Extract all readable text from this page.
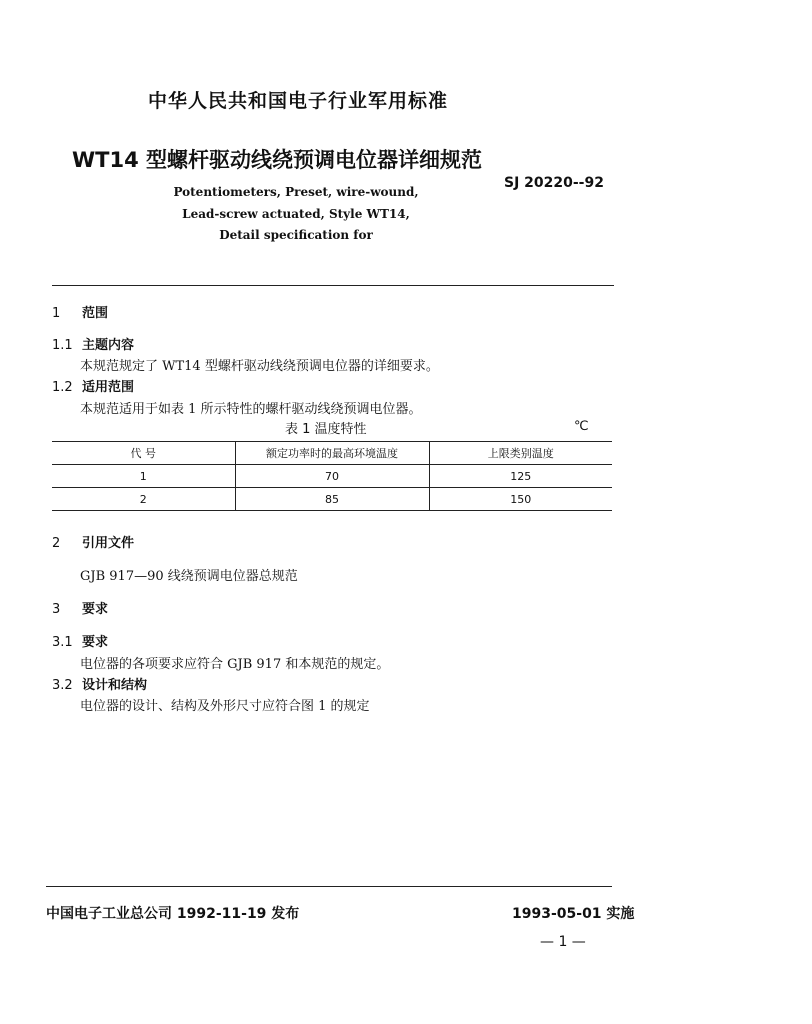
中华人民共和国电子行业军用标准
WT14 型螺杆驱动线绕预调电位器详细规范
SJ 20220--92
Potentiometers, Preset, wire-wound,
Lead-screw actuated, Style WT14,
Detail specification for
1 范围
1.1 主题内容
本规范规定了 WT14 型螺杆驱动线绕预调电位器的详细要求。
1.2 适用范围
本规范适用于如表 1 所示特性的螺杆驱动线绕预调电位器。
表 1 温度特性	℃
代 号	额定功率时的最高环境温度	上限类别温度
1	70	125
2	85	150
2 引用文件
GJB 917—90 线绕预调电位器总规范
3 要求
3.1 要求
电位器的各项要求应符合 GJB 917 和本规范的规定。
3.2 设计和结构
电位器的设计、结构及外形尺寸应符合图 1 的规定
中国电子工业总公司 1992-11-19 发布	1993-05-01 实施
— 1 —
